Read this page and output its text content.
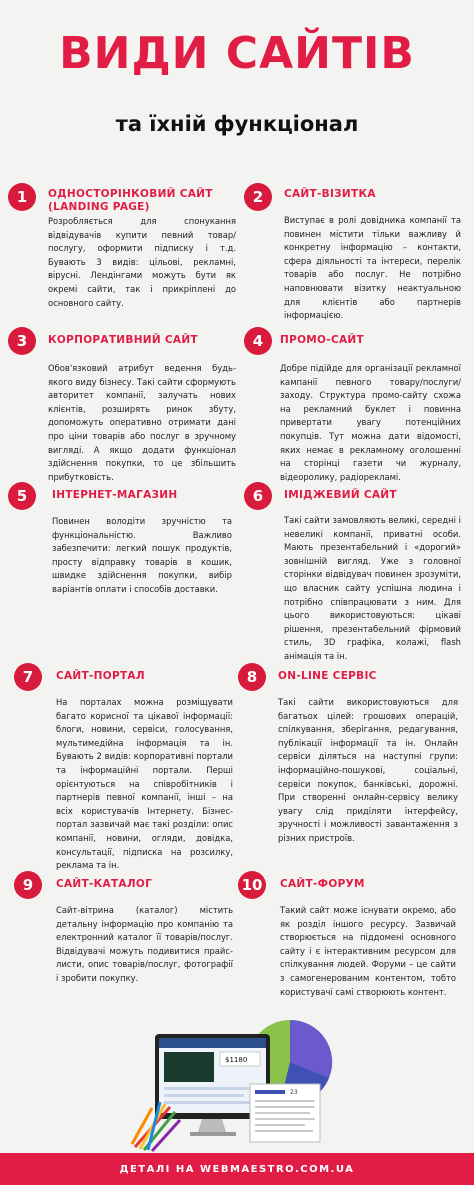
ВИДИ САЙТІВ
та їхній функціонал
1	ОДНОСТОРІНКОВИЙ САЙТ (LANDING PAGE)
Розробляється для спонукання відвідувачів купити певний товар/послугу, оформити підписку і т.д. Бувають 3 видів: цільові, рекламні, віруснi. Лендінгами можуть бути як окремі сайти, так і прикріплені до основного сайту.
2	САЙТ-ВІЗИТКА
Виступає в ролі довідника компанії та повинен містити тільки важливу й конкретну інформацію – контакти, сфера діяльності та інтереси, перелік товарів або послуг. Не потрібно наповнювати візитку неактуальною для клієнтів або партнерів інформацією.
3	КОРПОРАТИВНИЙ САЙТ
Обов'язковий атрибут ведення будь-якого виду бізнесу. Такі сайти сформують авторитет компанії, залучать нових клієнтів, розширять ринок збуту, допоможуть оперативно отримати дані про ціни товарів або послуг в зручному вигляді. А якщо додати функціонал здійснення покупки, то це збільшить прибутковість.
4	ПРОМО-САЙТ
Добре підійде для організації рекламної кампанії певного товару/послуги/заходу. Структура промо-сайту схожа на рекламний буклет і повинна привертати увагу потенційних покупців. Тут можна дати відомості, яких немає в рекламному оголошенні на сторінці газети чи журналу, відеоролику, радіорекламі.
5	ІНТЕРНЕТ-МАГАЗИН
Повинен володіти зручністю та функціональністю. Важливо забезпечити: легкий пошук продуктів, просту відправку товарів в кошик, швидке здійснення покупки, вибір варіантів оплати і способів доставки.
6	ІМІДЖЕВИЙ САЙТ
Такі сайти замовляють великі, середні і невеликі компанії, приватні особи. Мають презентабельний і «дорогий» зовнішній вигляд. Уже з головної сторінки відвідувач повинен зрозуміти, що власник сайту успішна людина і потрібно співпрацювати з ним. Для цього використовуються: цікаві рішення, презентабельний фірмовий стиль, 3D графіка, колажі, flash анімація та ін.
7	САЙТ-ПОРТАЛ
На порталах можна розміщувати багато корисної та цікавої інформації: блоги, новини, сервіси, голосування, мультимедійна інформація та ін. Бувають 2 видів: корпоративні портали та інформаційні портали. Перші орієнтуються на співробітників і партнерів певної компанії, інші – на всіх користувачів Інтернету. Бізнес-портал зазвичай має такі розділи: опис компанії, новини, огляди, довідка, консультації, підписка на розсилку, реклама та ін.
8	ON-LINE СЕРВІС
Такі сайти використовуються для багатьох цілей: грошових операцій, спілкування, зберігання, редагування, публікації інформації та ін. Онлайн сервіси діляться на наступні групи: інформаційно-пошукові, соціальні, сервіси покупок, банківські, дорожні. При створенні онлайн-сервісу велику увагу слід приділяти інтерфейсу, зручності і можливості завантаження з різних пристроїв.
9	САЙТ-КАТАЛОГ
Сайт-вітрина (каталог) містить детальну інформацію про компанію та електронний каталог її товарів/послуг. Відвідувачі можуть подивитися прайс-листи, опис товарів/послуг, фотографії і зробити покупку.
10	САЙТ-ФОРУМ
Такий сайт може існувати окремо, або як розділ іншого ресурсу. Зазвичай створюється на піддомені основного сайту і є інтерактивним ресурсом для спілкування людей. Форуми – це сайти з самогенерованим контентом, тобто користувачі самі створюють контент.
$1180
23
ДЕТАЛІ НА WEBMAESTRO.COM.UA
